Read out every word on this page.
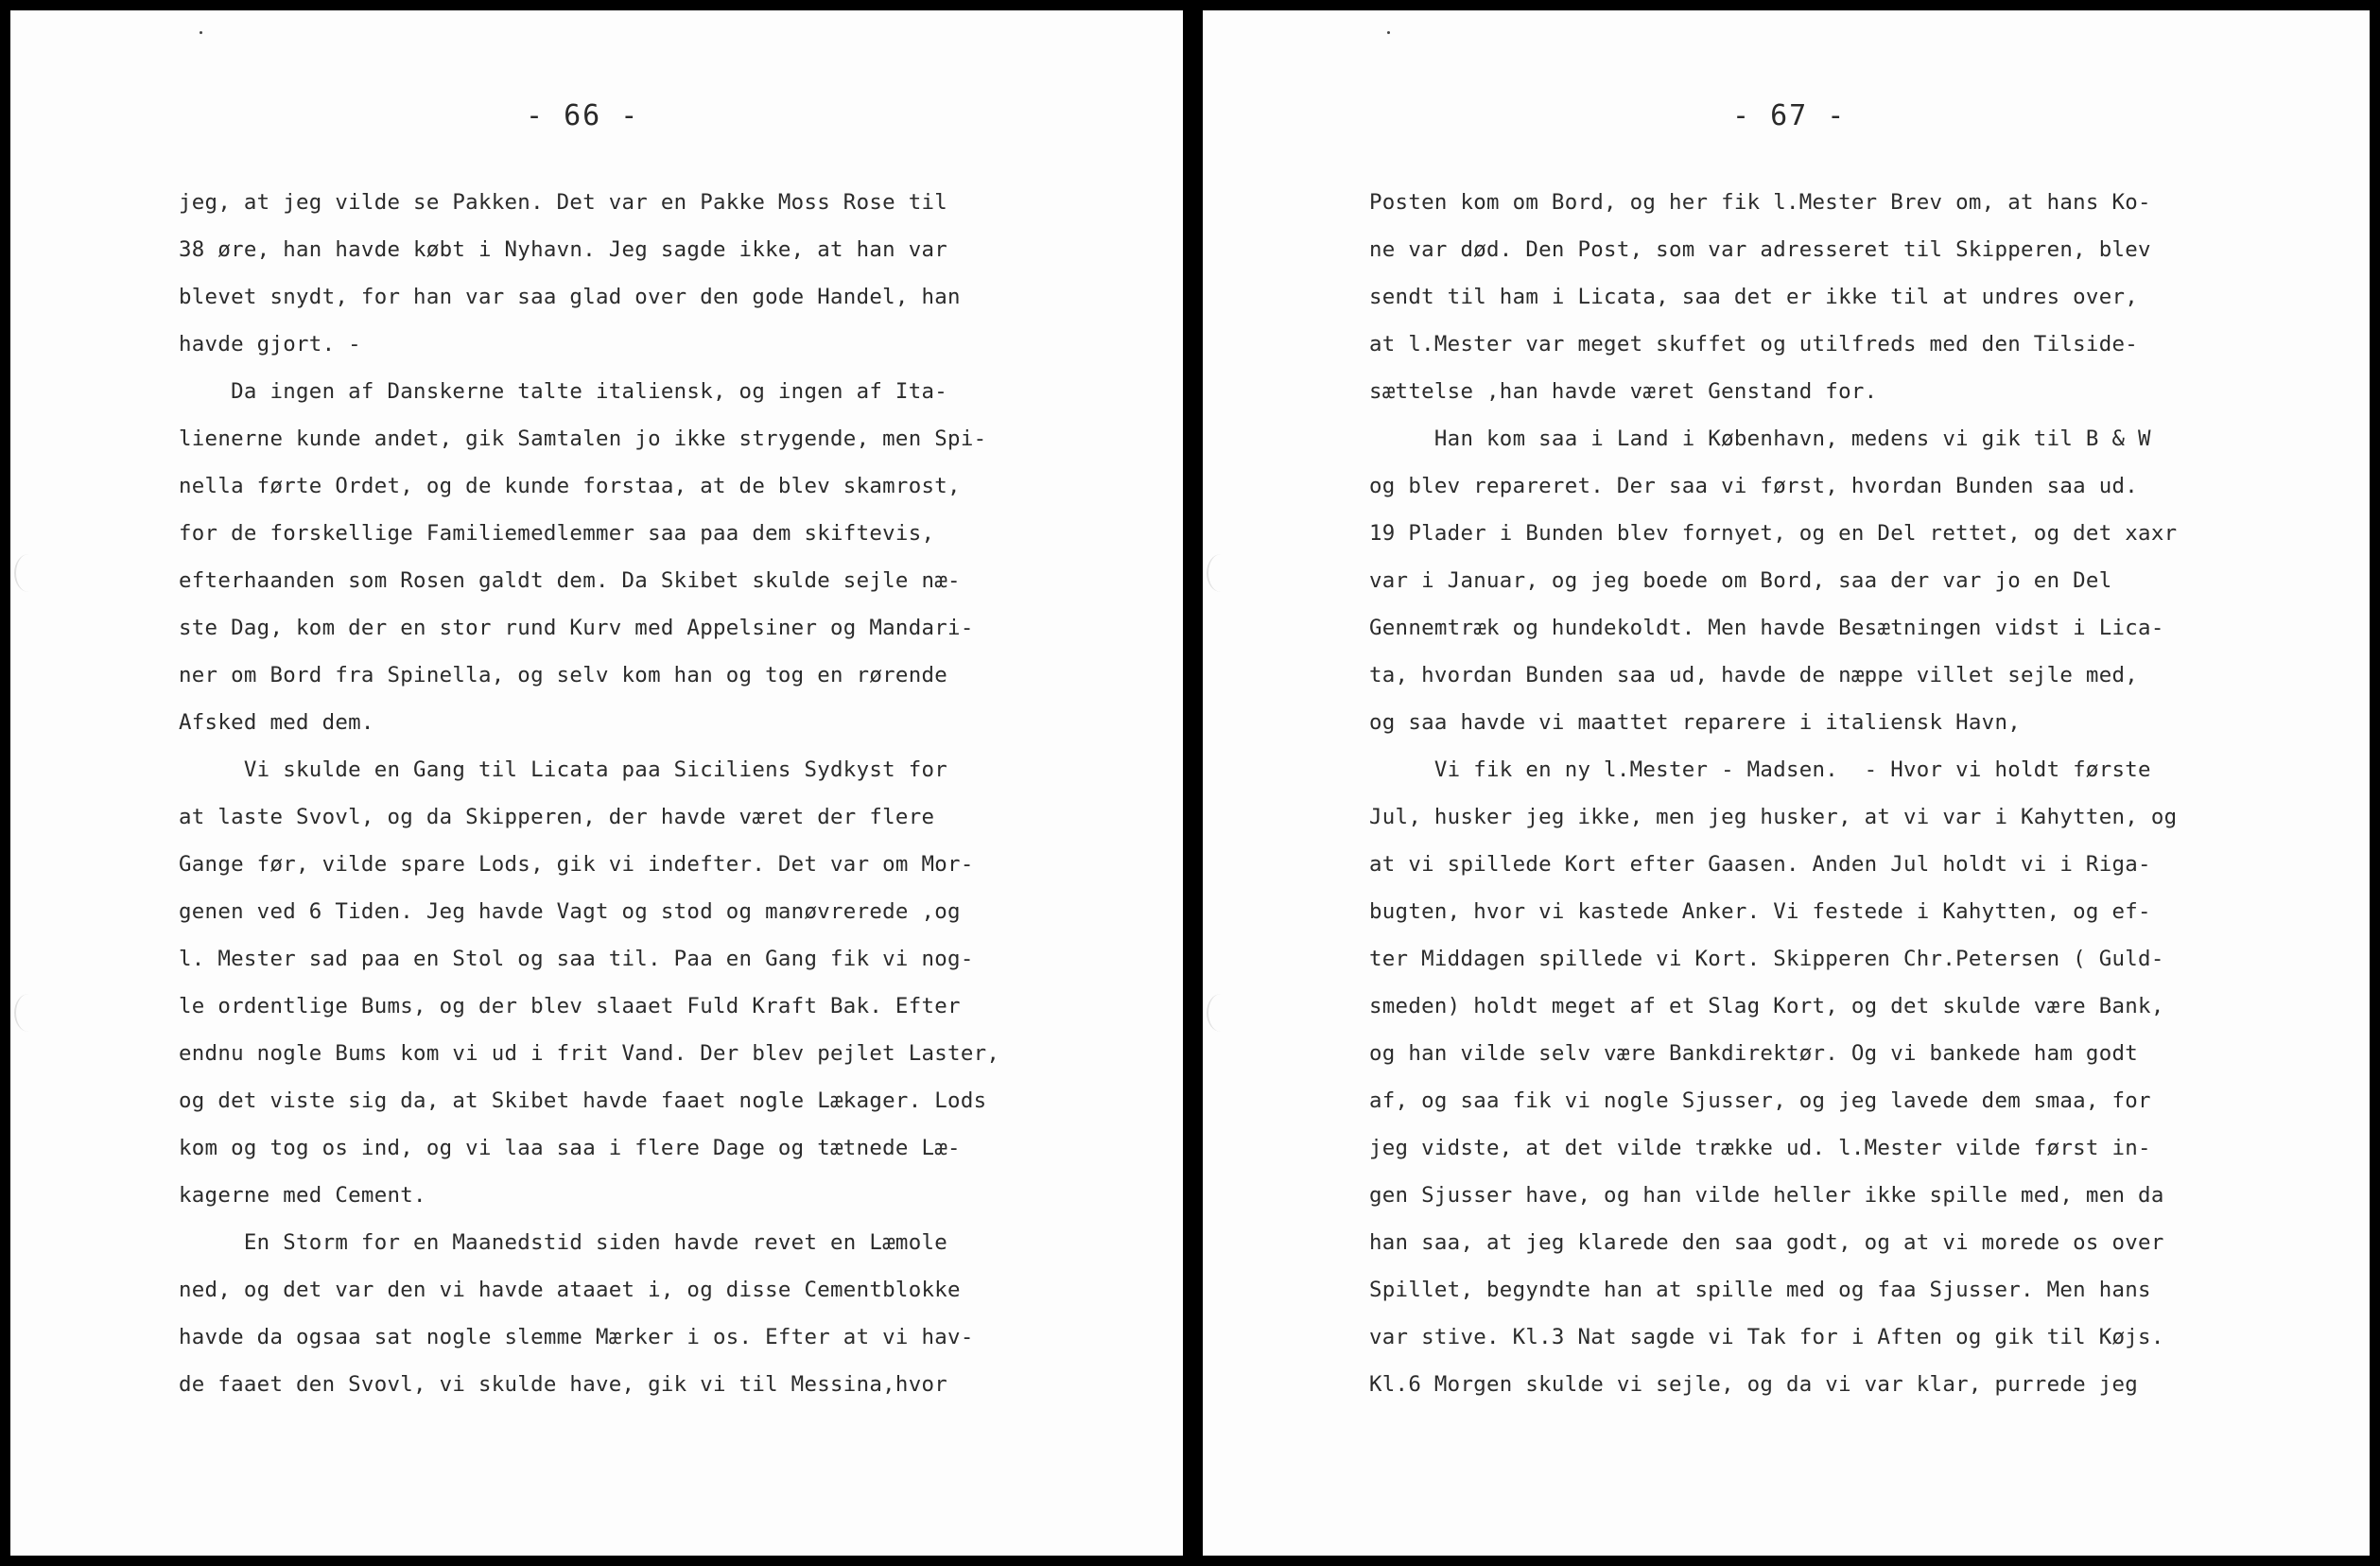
- 66 -
jeg, at jeg vilde se Pakken. Det var en Pakke Moss Rose til
38 øre, han havde købt i Nyhavn. Jeg sagde ikke, at han var
blevet snydt, for han var saa glad over den gode Handel, han
havde gjort. -
Da ingen af Danskerne talte italiensk, og ingen af Ita-
lienerne kunde andet, gik Samtalen jo ikke strygende, men Spi-
nella førte Ordet, og de kunde forstaa, at de blev skamrost,
for de forskellige Familiemedlemmer saa paa dem skiftevis,
efterhaanden som Rosen galdt dem. Da Skibet skulde sejle næ-
ste Dag, kom der en stor rund Kurv med Appelsiner og Mandari-
ner om Bord fra Spinella, og selv kom han og tog en rørende
Afsked med dem.
Vi skulde en Gang til Licata paa Siciliens Sydkyst for
at laste Svovl, og da Skipperen, der havde været der flere
Gange før, vilde spare Lods, gik vi indefter. Det var om Mor-
genen ved 6 Tiden. Jeg havde Vagt og stod og manøvrerede ,og
l. Mester sad paa en Stol og saa til. Paa en Gang fik vi nog-
le ordentlige Bums, og der blev slaaet Fuld Kraft Bak. Efter
endnu nogle Bums kom vi ud i frit Vand. Der blev pejlet Laster,
og det viste sig da, at Skibet havde faaet nogle Lækager. Lods
kom og tog os ind, og vi laa saa i flere Dage og tætnede Læ-
kagerne med Cement.
En Storm for en Maanedstid siden havde revet en Læmole
ned, og det var den vi havde ataaet i, og disse Cementblokke
havde da ogsaa sat nogle slemme Mærker i os. Efter at vi hav-
de faaet den Svovl, vi skulde have, gik vi til Messina,hvor
- 67 -
Posten kom om Bord, og her fik l.Mester Brev om, at hans Ko-
ne var død. Den Post, som var adresseret til Skipperen, blev
sendt til ham i Licata, saa det er ikke til at undres over,
at l.Mester var meget skuffet og utilfreds med den Tilside-
sættelse ,han havde været Genstand for.
Han kom saa i Land i København, medens vi gik til B & W
og blev repareret. Der saa vi først, hvordan Bunden saa ud.
19 Plader i Bunden blev fornyet, og en Del rettet, og det xaxr
var i Januar, og jeg boede om Bord, saa der var jo en Del
Gennemtræk og hundekoldt. Men havde Besætningen vidst i Lica-
ta, hvordan Bunden saa ud, havde de næppe villet sejle med,
og saa havde vi maattet reparere i italiensk Havn,
Vi fik en ny l.Mester - Madsen.  - Hvor vi holdt første
Jul, husker jeg ikke, men jeg husker, at vi var i Kahytten, og
at vi spillede Kort efter Gaasen. Anden Jul holdt vi i Riga-
bugten, hvor vi kastede Anker. Vi festede i Kahytten, og ef-
ter Middagen spillede vi Kort. Skipperen Chr.Petersen ( Guld-
smeden) holdt meget af et Slag Kort, og det skulde være Bank,
og han vilde selv være Bankdirektør. Og vi bankede ham godt
af, og saa fik vi nogle Sjusser, og jeg lavede dem smaa, for
jeg vidste, at det vilde trække ud. l.Mester vilde først in-
gen Sjusser have, og han vilde heller ikke spille med, men da
han saa, at jeg klarede den saa godt, og at vi morede os over
Spillet, begyndte han at spille med og faa Sjusser. Men hans
var stive. Kl.3 Nat sagde vi Tak for i Aften og gik til Køjs.
Kl.6 Morgen skulde vi sejle, og da vi var klar, purrede jeg
